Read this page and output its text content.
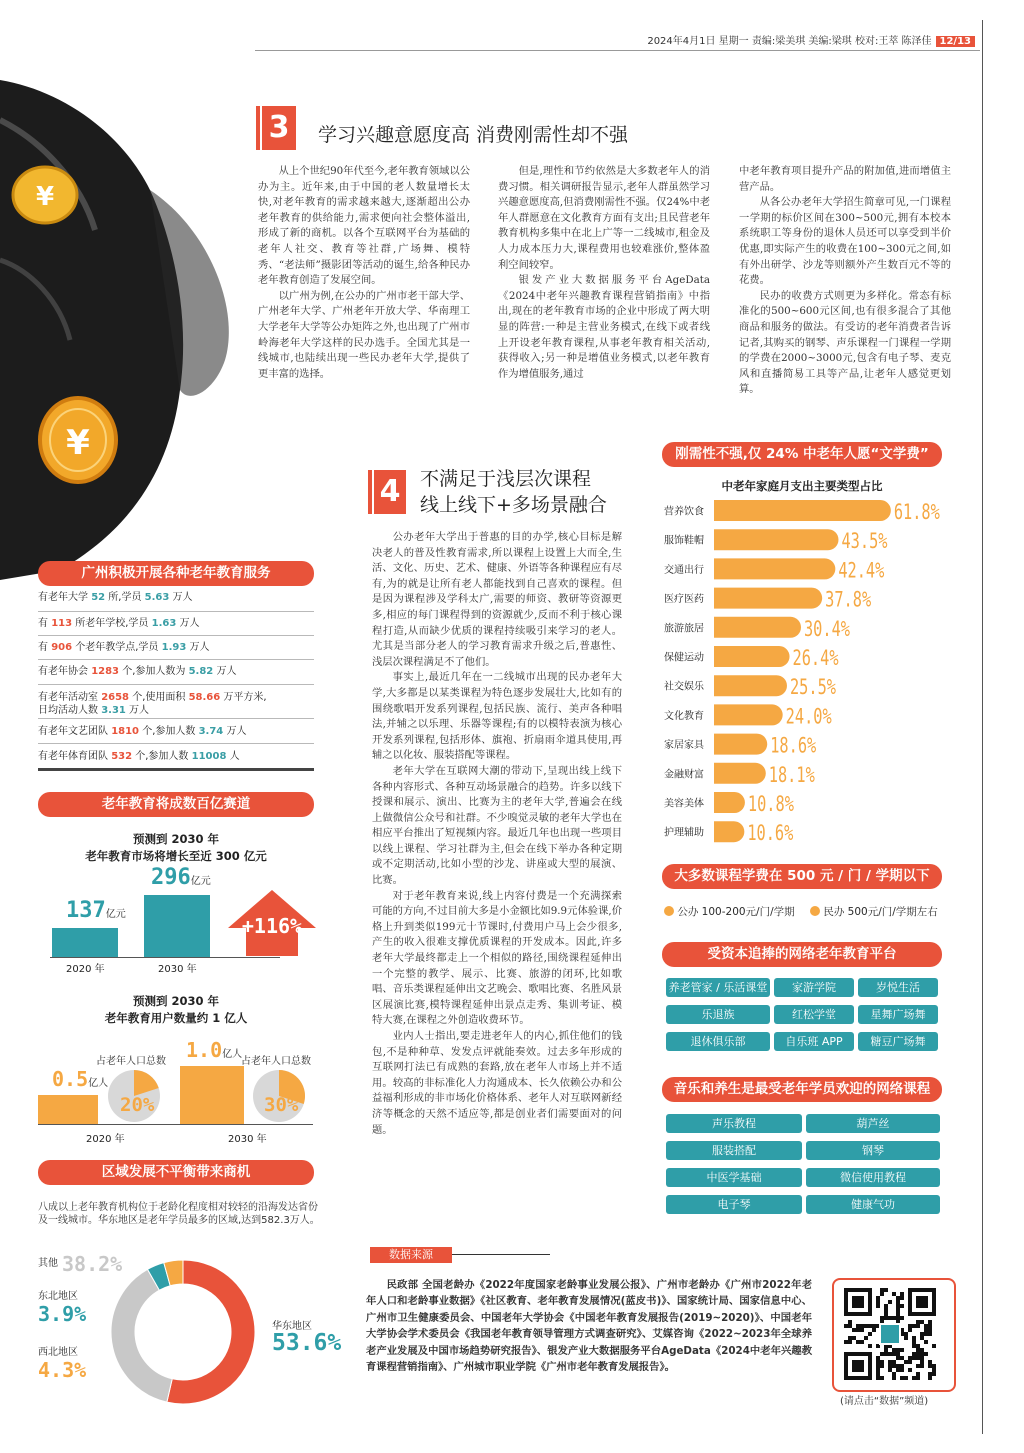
2024年4月1日 星期一 责编:梁美琪 美编:梁琪 校对:王萃 陈泽佳 12/13
¥
¥
3	学习兴趣意愿度高 消费刚需性却不强

从上个世纪90年代至今,老年教育领域以公办为主。近年来,由于中国的老人数量增长太快,对老年教育的需求越来越大,逐渐超出公办老年教育的供给能力,需求便向社会整体溢出,形成了新的商机。以各个互联网平台为基础的老年人社交、教育等社群,广场舞、模特秀、“老法师”摄影团等活动的诞生,给各种民办老年教育创造了发展空间。

以广州为例,在公办的广州市老干部大学、广州老年大学、广州老年开放大学、华南理工大学老年大学等公办矩阵之外,也出现了广州市岭海老年大学这样的民办选手。全国尤其是一线城市,也陆续出现一些民办老年大学,提供了更丰富的选择。

但是,理性和节约依然是大多数老年人的消费习惯。相关调研报告显示,老年人群虽然学习兴趣意愿度高,但消费刚需性不强。仅24%中老年人群愿意在文化教育方面有支出;且民营老年教育机构多集中在北上广等一二线城市,租金及人力成本压力大,课程费用也较难涨价,整体盈利空间较窄。

银发产业大数据服务平台AgeData《2024中老年兴趣教育课程营销指南》中指出,现在的老年教育市场的企业中形成了两大明显的阵营:一种是主营业务模式,在线下或者线上开设老年教育课程,从事老年教育相关活动,获得收入;另一种是增值业务模式,以老年教育作为增值服务,通过

中老年教育项目提升产品的附加值,进而增值主营产品。

从各公办老年大学招生简章可见,一门课程一学期的标价区间在300~500元,拥有本校本系统职工等身份的退休人员还可以享受到半价优惠,即实际产生的收费在100~300元之间,如有外出研学、沙龙等则额外产生数百元不等的花费。

民办的收费方式则更为多样化。常态有标准化的500~600元区间,也有很多混合了其他商品和服务的做法。有受访的老年消费者告诉记者,其购买的钢琴、声乐课程一门课程一学期的学费在2000~3000元,包含有电子琴、麦克风和直播简易工具等产品,让老年人感觉更划算。

4 不满足于浅层次课程
线上线下+多场景融合

公办老年大学出于普惠的目的办学,核心目标是解决老人的普及性教育需求,所以课程上设置上大而全,生活、文化、历史、艺术、健康、外语等各种课程应有尽有,为的就是让所有老人都能找到自己喜欢的课程。但是因为课程涉及学科太广,需要的师资、教研等资源更多,相应的每门课程得到的资源就少,反而不利于核心课程打造,从而缺少优质的课程持续吸引来学习的老人。尤其是当部分老人的学习教育需求升级之后,普惠性、浅层次课程满足不了他们。

事实上,最近几年在一二线城市出现的民办老年大学,大多都是以某类课程为特色逐步发展壮大,比如有的围绕歌唱开发系列课程,包括民族、流行、美声各种唱法,并辅之以乐理、乐器等课程;有的以模特表演为核心开发系列课程,包括形体、旗袍、折扇雨伞道具使用,再辅之以化妆、服装搭配等课程。

老年大学在互联网大潮的带动下,呈现出线上线下各种内容形式、各种互动场景融合的趋势。许多以线下授课和展示、演出、比赛为主的老年大学,普遍会在线上做微信公众号和社群。不少嗅觉灵敏的老年大学也在相应平台推出了短视频内容。最近几年也出现一些项目以线上课程、学习社群为主,但会在线下举办各种定期或不定期活动,比如小型的沙龙、讲座或大型的展演、比赛。

对于老年教育来说,线上内容付费是一个充满探索可能的方向,不过目前大多是小金额比如9.9元体验课,价格上升到类似199元十节课时,付费用户马上会少很多,产生的收入很难支撑优质课程的开发成本。因此,许多老年大学最终都走上一个相似的路径,围绕课程延伸出一个完整的教学、展示、比赛、旅游的闭环,比如歌唱、音乐类课程延伸出文艺晚会、歌唱比赛、名胜风景区展演比赛,模特课程延伸出景点走秀、集训考证、模特大赛,在课程之外创造收费环节。

业内人士指出,要走进老年人的内心,抓住他们的钱包,不是种种草、发发点评就能奏效。过去多年形成的互联网打法已有成熟的套路,放在老年人市场上并不适用。较高的非标准化人力沟通成本、长久依赖公办和公益福利形成的非市场化价格体系、老年人对互联网新经济等概念的天然不适应等,都是创业者们需要面对的问题。

广州积极开展各种老年教育服务
有老年大学 52 所,学员 5.63 万人
有 113 所老年学校,学员 1.63 万人
有 906 个老年教学点,学员 1.93 万人
有老年协会 1283 个,参加人数为 5.82 万人
有老年活动室 2658 个,使用面积 58.66 万平方米,
日均活动人数 3.31 万人
有老年文艺团队 1810 个,参加人数 3.74 万人
有老年体育团队 532 个,参加人数 11008 人
老年教育将成数百亿赛道
预测到 2030 年
老年教育市场将增长至近 300 亿元
137亿元
2020 年
296亿元
2030 年
+116%
预测到 2030 年
老年教育用户数量约 1 亿人
0.5亿人
占老年人口总数
20%
2020 年
1.0亿人
占老年人口总数
30%
2030 年
区域发展不平衡带来商机
八成以上老年教育机构位于老龄化程度相对较轻的沿海发达省份及一线城市。华东地区是老年学员最多的区域,达到582.3万人。
其他 38.2%
东北地区
3.9%
西北地区
4.3%
华东地区
53.6%
刚需性不强,仅 24% 中老年人愿“文学费”
中老年家庭月支出主要类型占比
营养饮食	61.8%
服饰鞋帽	43.5%
交通出行	42.4%
医疗医药	37.8%
旅游旅居	30.4%
保健运动	26.4%
社交娱乐	25.5%
文化教育	24.0%
家居家具	18.6%
金融财富	18.1%
美容美体 10.8%
护理辅助 10.6%
大多数课程学费在 500 元 / 门 / 学期以下
公办 100-200元/门/学期	民办 500元/门/学期左右
受资本追捧的网络老年教育平台
养老管家 / 乐活课堂	家游学院	岁悦生活
乐退族	红松学堂	星舞广场舞
退休俱乐部	自乐班 APP	糖豆广场舞
音乐和养生是最受老年学员欢迎的网络课程
声乐教程	葫芦丝
服装搭配	钢琴
中医学基础	微信使用教程
电子琴	健康气功
数据来源
民政部 全国老龄办《2022年度国家老龄事业发展公报》、广州市老龄办《广州市2022年老年人口和老龄事业数据》《社区教育、老年教育发展情况(蓝皮书)》、国家统计局、国家信息中心、广州市卫生健康委员会、中国老年大学协会《中国老年教育发展报告(2019~2020)》、中国老年大学协会学术委员会《我国老年教育领导管理方式调查研究》、艾媒咨询《2022~2023年全球养老产业发展及中国市场趋势研究报告》、银发产业大数据服务平台AgeData《2024中老年兴趣教育课程营销指南》、广州城市职业学院《广州市老年教育发展报告》。
(请点击“数据”频道)
